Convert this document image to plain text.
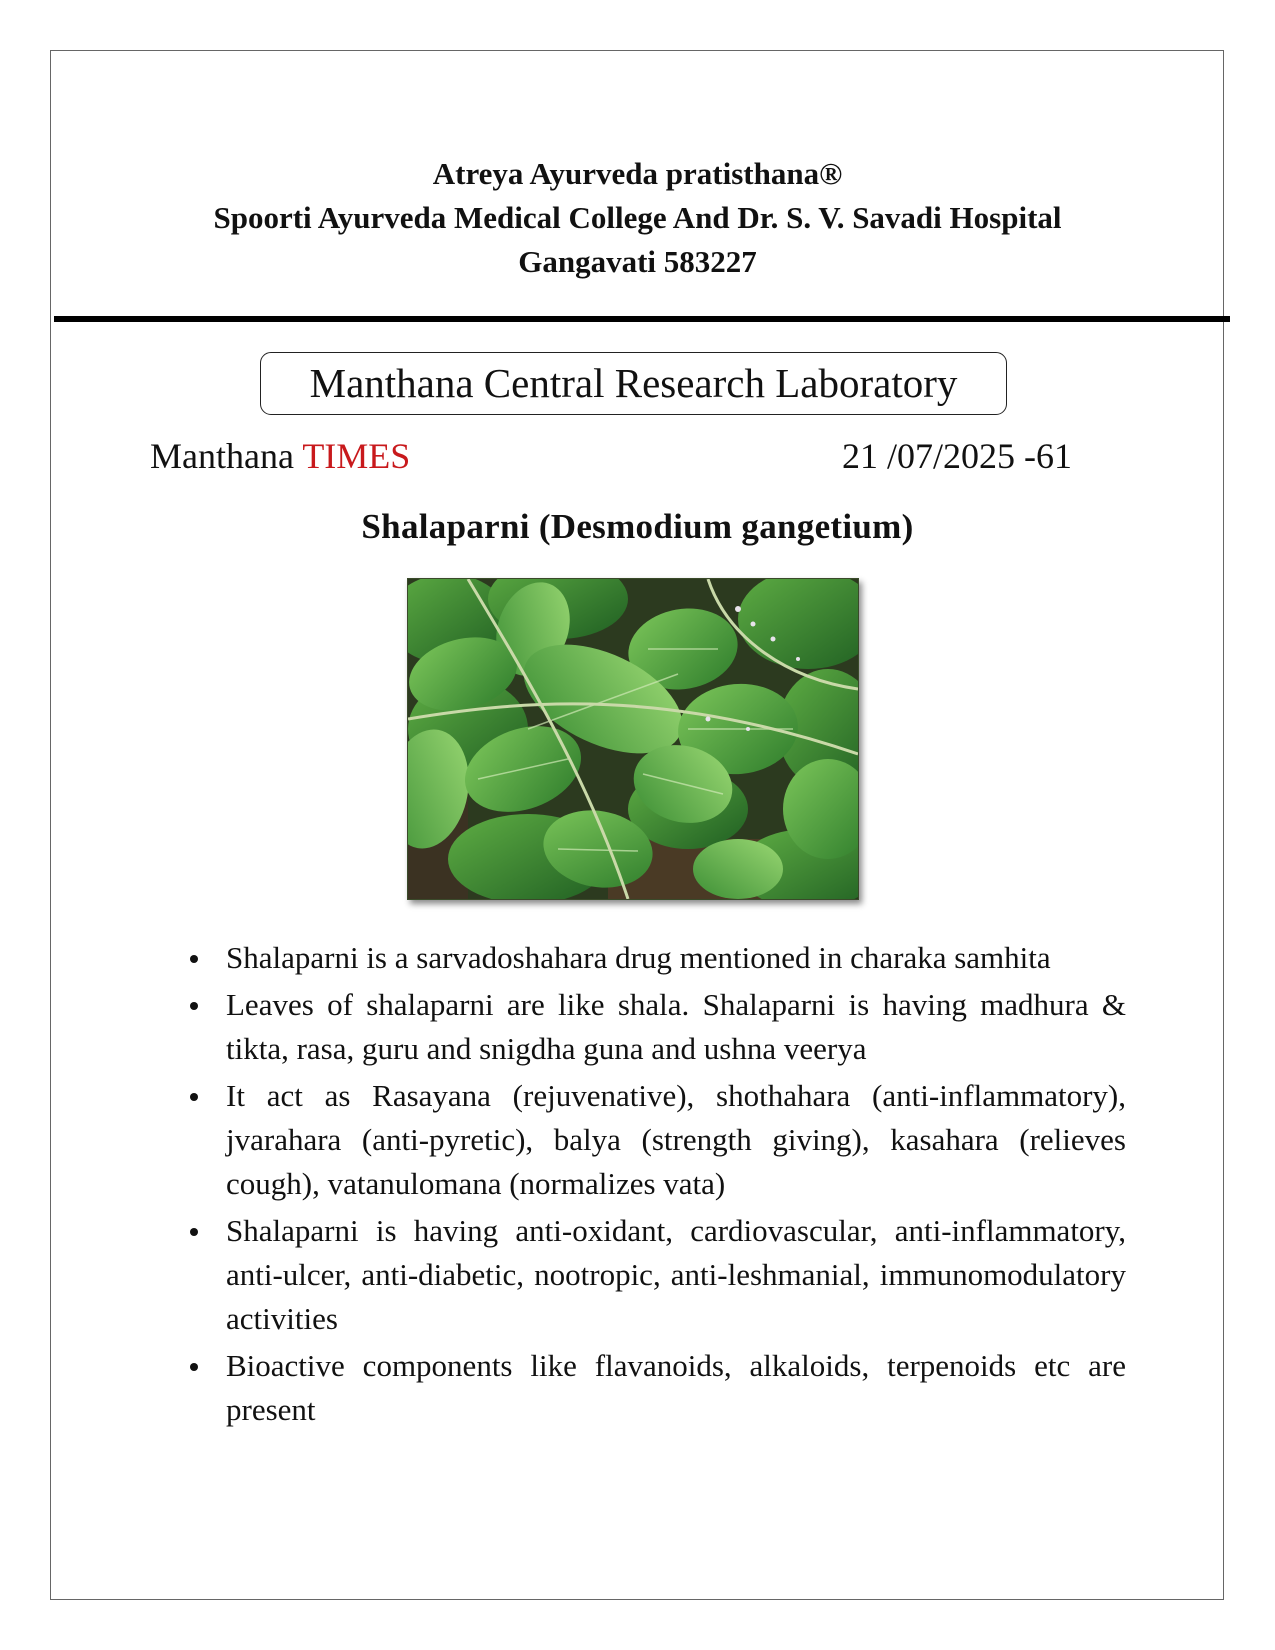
Atreya Ayurveda pratisthana®
Spoorti Ayurveda Medical College And Dr. S. V. Savadi Hospital
Gangavati 583227
Manthana Central Research Laboratory
Manthana TIMES	21 /07/2025 -61
Shalaparni (Desmodium gangetium)
Shalaparni is a sarvadoshahara drug mentioned in charaka samhita
Leaves of shalaparni are like shala. Shalaparni is having madhura & tikta, rasa, guru and snigdha guna and ushna veerya
It act as Rasayana (rejuvenative), shothahara (anti-inflammatory), jvarahara (anti-pyretic), balya (strength giving), kasahara (relieves cough), vatanulomana (normalizes vata)
Shalaparni is having anti-oxidant, cardiovascular, anti-inflammatory, anti-ulcer, anti-diabetic, nootropic, anti-leshmanial, immunomodulatory activities
Bioactive components like flavanoids, alkaloids, terpenoids etc are present
